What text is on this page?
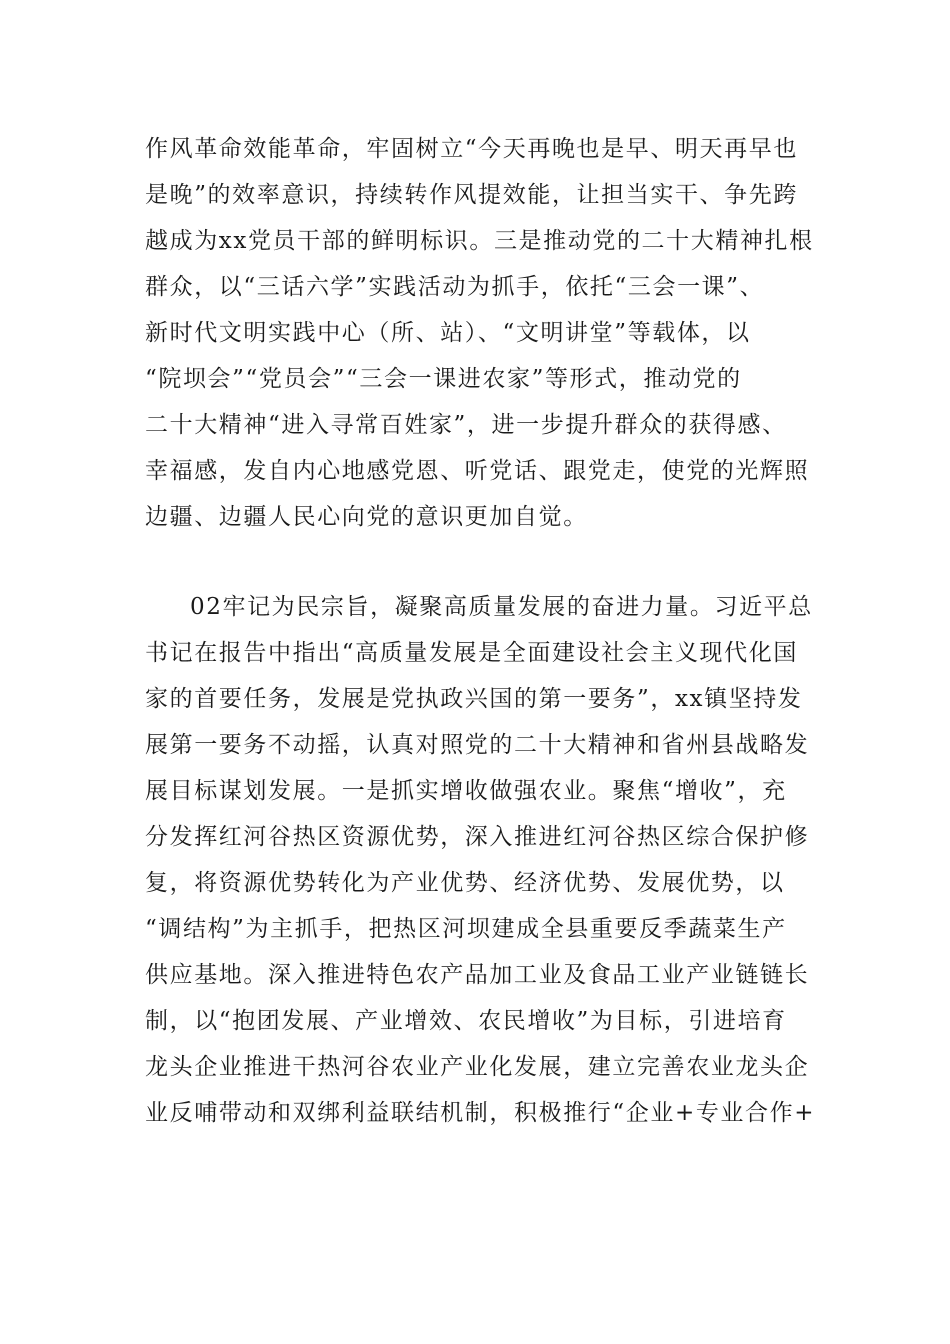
作风革命效能革命，牢固树立“今天再晚也是早、明天再早也
是晚”的效率意识，持续转作风提效能，让担当实干、争先跨
越成为xx党员干部的鲜明标识。三是推动党的二十大精神扎根
群众，以“三话六学”实践活动为抓手，依托“三会一课”、
新时代文明实践中心（所、站）、“文明讲堂”等载体，以
“院坝会”“党员会”“三会一课进农家”等形式，推动党的
二十大精神“进入寻常百姓家”，进一步提升群众的获得感、
幸福感，发自内心地感党恩、听党话、跟党走，使党的光辉照
边疆、边疆人民心向党的意识更加自觉。
02牢记为民宗旨，凝聚高质量发展的奋进力量。习近平总
书记在报告中指出“高质量发展是全面建设社会主义现代化国
家的首要任务，发展是党执政兴国的第一要务”，xx镇坚持发
展第一要务不动摇，认真对照党的二十大精神和省州县战略发
展目标谋划发展。一是抓实增收做强农业。聚焦“增收”，充
分发挥红河谷热区资源优势，深入推进红河谷热区综合保护修
复，将资源优势转化为产业优势、经济优势、发展优势，以
“调结构”为主抓手，把热区河坝建成全县重要反季蔬菜生产
供应基地。深入推进特色农产品加工业及食品工业产业链链长
制，以“抱团发展、产业增效、农民增收”为目标，引进培育
龙头企业推进干热河谷农业产业化发展，建立完善农业龙头企
业反哺带动和双绑利益联结机制，积极推行“企业+专业合作+
